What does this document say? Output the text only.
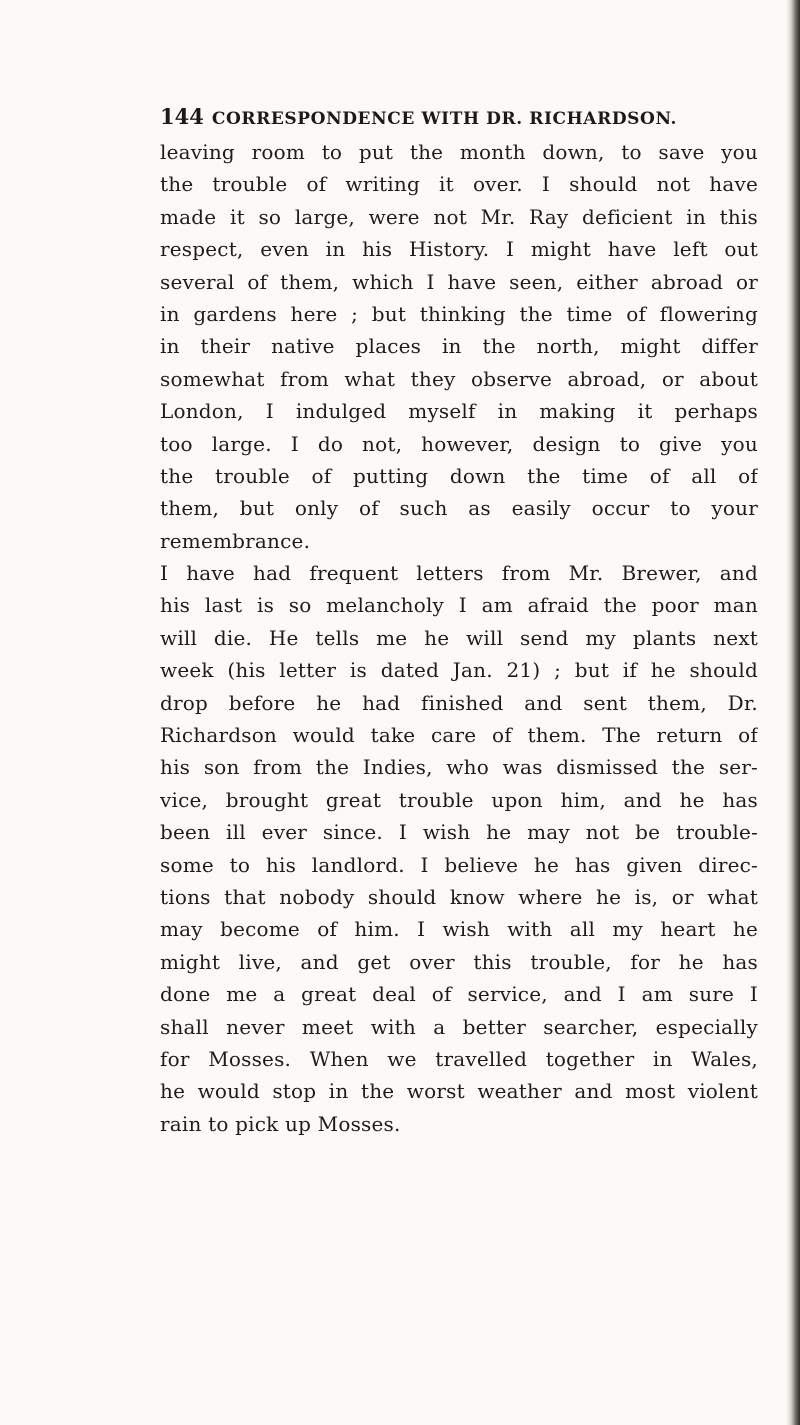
144 CORRESPONDENCE WITH DR. RICHARDSON.
leaving room to put the month down, to save you
the trouble of writing it over. I should not have
made it so large, were not Mr. Ray deficient in this
respect, even in his History. I might have left out
several of them, which I have seen, either abroad or
in gardens here ; but thinking the time of flowering
in their native places in the north, might differ
somewhat from what they observe abroad, or about
London, I indulged myself in making it perhaps
too large. I do not, however, design to give you
the trouble of putting down the time of all of
them, but only of such as easily occur to your
remembrance.
I have had frequent letters from Mr. Brewer, and
his last is so melancholy I am afraid the poor man
will die. He tells me he will send my plants next
week (his letter is dated Jan. 21) ; but if he should
drop before he had finished and sent them, Dr.
Richardson would take care of them. The return of
his son from the Indies, who was dismissed the ser-
vice, brought great trouble upon him, and he has
been ill ever since. I wish he may not be trouble-
some to his landlord. I believe he has given direc-
tions that nobody should know where he is, or what
may become of him. I wish with all my heart he
might live, and get over this trouble, for he has
done me a great deal of service, and I am sure I
shall never meet with a better searcher, especially
for Mosses. When we travelled together in Wales,
he would stop in the worst weather and most violent
rain to pick up Mosses.
